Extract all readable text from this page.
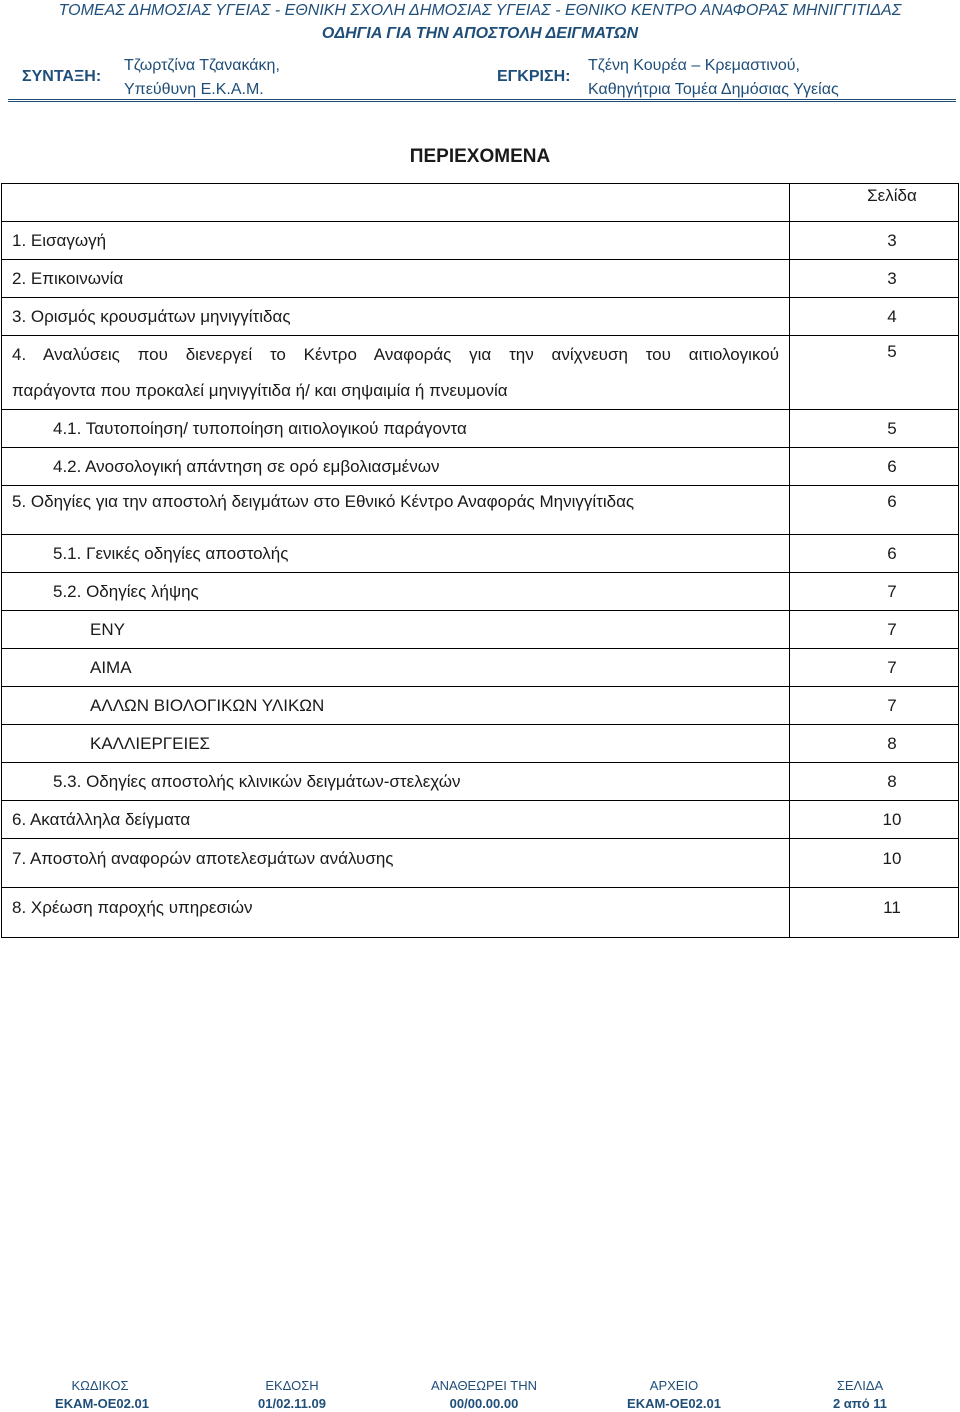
ΤΟΜΕΑΣ ΔΗΜΟΣΙΑΣ ΥΓΕΙΑΣ - ΕΘΝΙΚΗ ΣΧΟΛΗ ΔΗΜΟΣΙΑΣ ΥΓΕΙΑΣ - ΕΘΝΙΚΟ ΚΕΝΤΡΟ ΑΝΑΦΟΡΑΣ ΜΗΝΙΓΓΙΤΙΔΑΣ
ΟΔΗΓΙΑ ΓΙΑ ΤΗΝ ΑΠΟΣΤΟΛΗ ΔΕΙΓΜΑΤΩΝ
ΣΥΝΤΑΞΗ:
Τζωρτζίνα Τζανακάκη,
Υπεύθυνη Ε.Κ.Α.Μ.
ΕΓΚΡΙΣΗ:
Τζένη Κουρέα – Κρεμαστινού,
Καθηγήτρια Τομέα Δημόσιας Υγείας
ΠΕΡΙΕΧΟΜΕΝΑ
	Σελίδα
1. Εισαγωγή	3
2. Επικοινωνία	3
3. Ορισμός κρουσμάτων μηνιγγίτιδας	4

4. Αναλύσεις που διενεργεί το Κέντρο Αναφοράς για την ανίχνευση του αιτιολογικού
παράγοντα που προκαλεί μηνιγγίτιδα ή/ και σηψαιμία ή πνευμονία	5
4.1. Ταυτοποίηση/ τυποποίηση αιτιολογικού παράγοντα	5
4.2. Ανοσολογική απάντηση σε ορό εμβολιασμένων	6
5. Οδηγίες για την αποστολή δειγμάτων στο Εθνικό Κέντρο Αναφοράς Μηνιγγίτιδας	6
5.1. Γενικές οδηγίες αποστολής	6
5.2. Οδηγίες λήψης	7
ΕΝΥ	7
ΑΙΜΑ	7
ΑΛΛΩΝ ΒΙΟΛΟΓΙΚΩΝ ΥΛΙΚΩΝ	7
ΚΑΛΛΙΕΡΓΕΙΕΣ	8
5.3. Οδηγίες αποστολής κλινικών δειγμάτων-στελεχών	8
6. Ακατάλληλα δείγματα	10
7. Αποστολή αναφορών αποτελεσμάτων ανάλυσης	10
8. Χρέωση παροχής υπηρεσιών	11
ΚΩΔΙΚΟΣ	ΕΚΔΟΣΗ	ΑΝΑΘΕΩΡΕΙ ΤΗΝ	ΑΡΧΕΙΟ	ΣΕΛΙΔΑ
ΕΚΑΜ-ΟΕ02.01	01/02.11.09	00/00.00.00	ΕΚΑΜ-ΟΕ02.01	2 από 11
